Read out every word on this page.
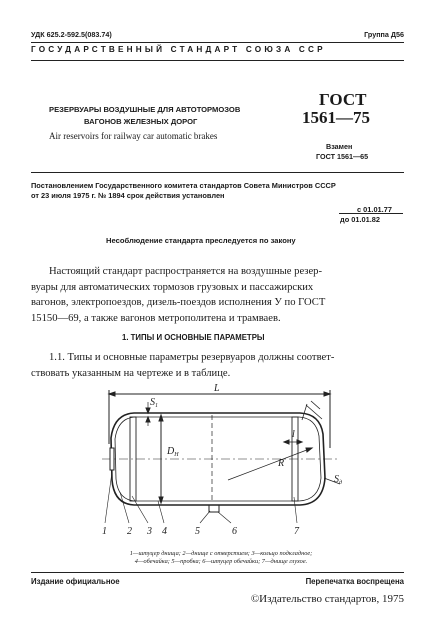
УДК 625.2-592.5(083.74)	Группа Д56
ГОСУДАРСТВЕННЫЙ СТАНДАРТ СОЮЗА ССР
РЕЗЕРВУАРЫ ВОЗДУШНЫЕ ДЛЯ АВТОТОРМОЗОВ
ВАГОНОВ ЖЕЛЕЗНЫХ ДОРОГ
Air reservoirs for railway car automatic brakes
ГОСТ
1561—75
Взамен
ГОСТ 1561—65
Постановлением Государственного комитета стандартов Совета Министров СССР
от 23 июля 1975 г. № 1894 срок действия установлен
с 01.01.77
до 01.01.82
Несоблюдение стандарта преследуется по закону
Настоящий стандарт распространяется на воздушные резер-
вуары для автоматических тормозов грузовых и пассажирских
вагонов, электропоездов, дизель-поездов исполнения У по ГОСТ
15150—69, а также вагонов метрополитена и трамваев.
1. ТИПЫ И ОСНОВНЫЕ ПАРАМЕТРЫ
1.1. Типы и основные параметры резервуаров должны соответ-
ствовать указанным на чертеже и в таблице.
L
$S_1$
$D_H$
l
R
$S_д$
1 2 3 4	5	6	7
1—штуцер днища; 2—днище с отверстием; 3—кольцо подкладное;
4—обечайка; 5—пробка; 6—штуцер обечайки; 7—днище глухое.
Издание официальное	Перепечатка воспрещена
©Издательство стандартов, 1975
